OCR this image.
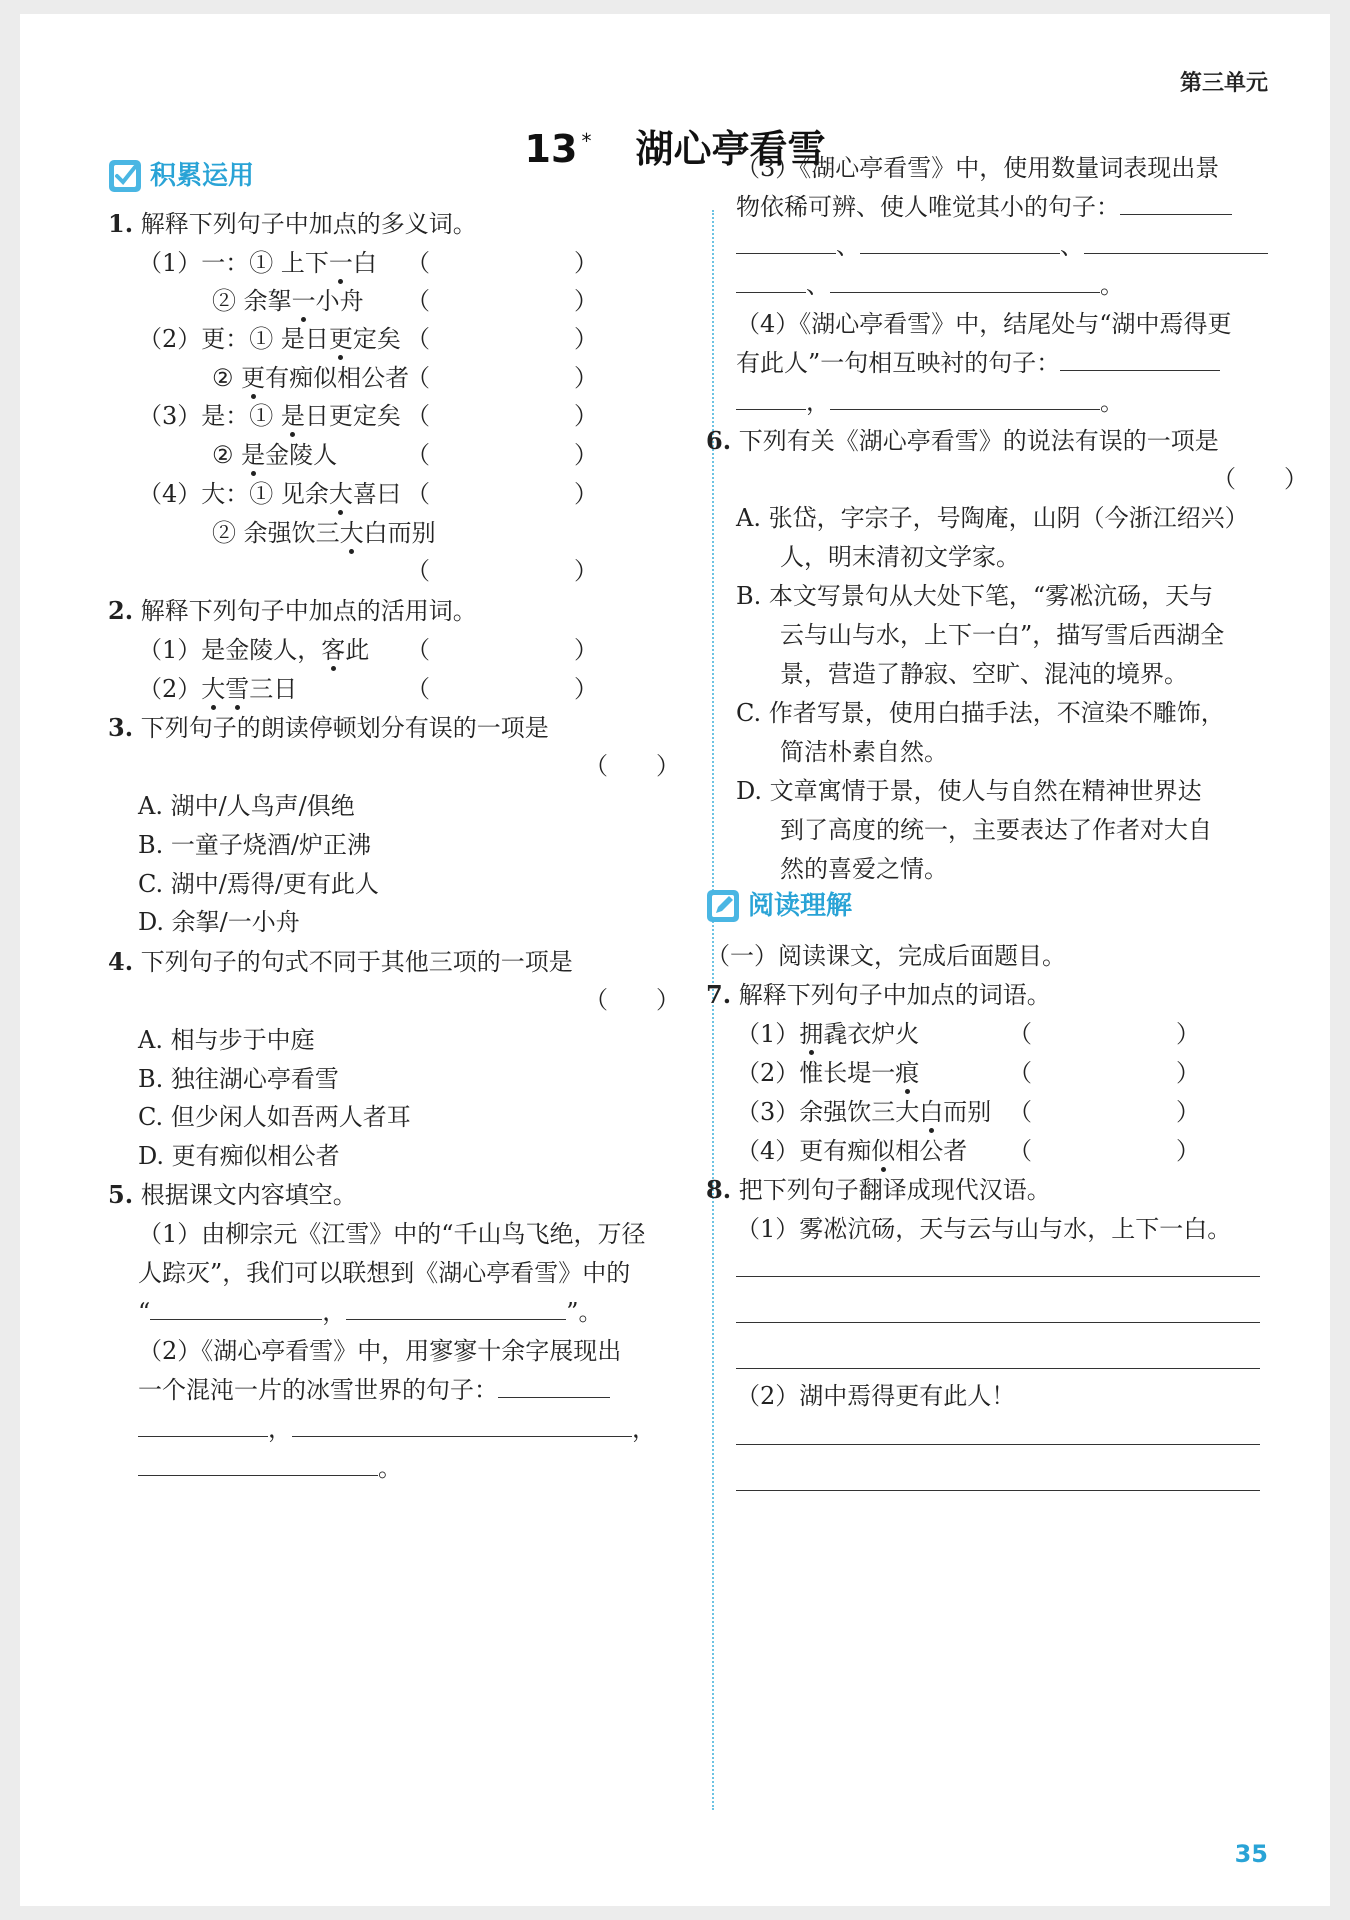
第三单元
13 * 湖心亭看雪
积累运用
1. 解释下列句子中加点的多义词。
（1）一：① 上下一白 （　　　　　　）
② 余挐一小舟 （　　　　　　）
（2）更：① 是日更定矣 （　　　　　　）
② 更有痴似相公者
（　　　　　　）
（3）是：① 是日更定矣 （　　　　　　）
② 是金陵人	（　　　　　　）
（4）大：① 见余大喜曰 （　　　　　　）
② 余强饮三大白而别
（　　　　　　）
2. 解释下列句子中加点的活用词。
（1）是金陵人，客此 （　　　　　　）
（2）大雪三日	（　　　　　　）
3. 下列句子的朗读停顿划分有误的一项是
（　　）
A. 湖中/人鸟声/俱绝
B. 一童子烧酒/炉正沸
C. 湖中/焉得/更有此人
D. 余挐/一小舟
4. 下列句子的句式不同于其他三项的一项是
（　　）
A. 相与步于中庭
B. 独往湖心亭看雪
C. 但少闲人如吾两人者耳
D. 更有痴似相公者
5. 根据课文内容填空。
（1）由柳宗元《江雪》中的“千山鸟飞绝，万径
人踪灭”，我们可以联想到《湖心亭看雪》中的
“	，	”。
（2）《湖心亭看雪》中，用寥寥十余字展现出
一个混沌一片的冰雪世界的句子：
，	，
。
（3）《湖心亭看雪》中，使用数量词表现出景
物依稀可辨、使人唯觉其小的句子：
、	、
、	。
（4）《湖心亭看雪》中，结尾处与“湖中焉得更
有此人”一句相互映衬的句子：
，	。
6. 下列有关《湖心亭看雪》的说法有误的一项是
（　　）
A. 张岱，字宗子，号陶庵，山阴（今浙江绍兴）
人，明末清初文学家。
B. 本文写景句从大处下笔，“雾凇沆砀，天与
云与山与水，上下一白”，描写雪后西湖全
景，营造了静寂、空旷、混沌的境界。
C. 作者写景，使用白描手法，不渲染不雕饰，
简洁朴素自然。
D. 文章寓情于景，使人与自然在精神世界达
到了高度的统一，主要表达了作者对大自
然的喜爱之情。
阅读理解
（一）阅读课文，完成后面题目。
7. 解释下列句子中加点的词语。
（1）拥毳衣炉火	（　　　　　　）
（2）惟长堤一痕	（　　　　　　）
（3）余强饮三大白而别 （　　　　　　）
（4）更有痴似相公者 （　　　　　　）
8. 把下列句子翻译成现代汉语。
（1）雾凇沆砀，天与云与山与水，上下一白。
（2）湖中焉得更有此人！
35
